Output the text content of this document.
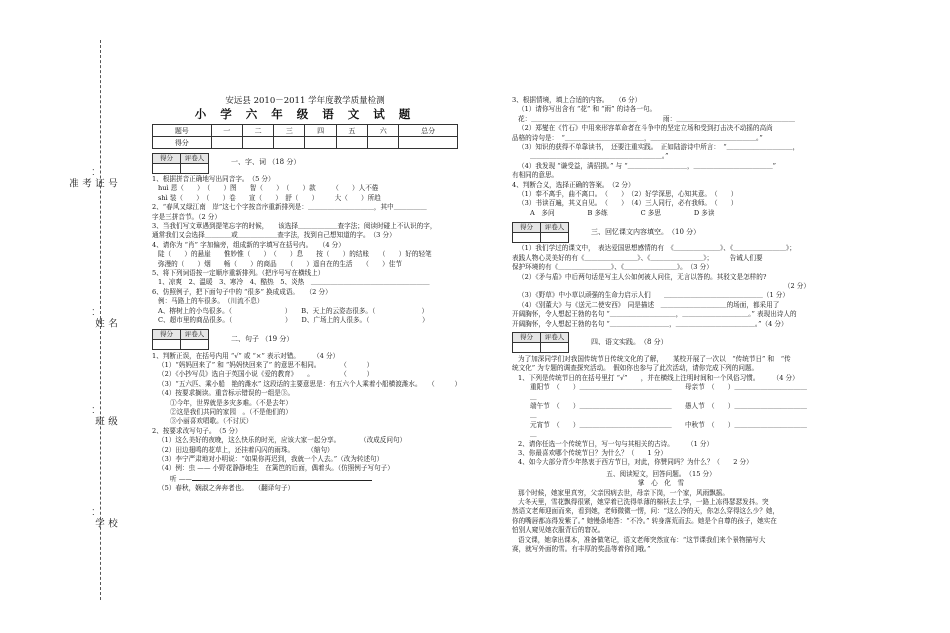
⁚
号
证
考
准
⁚
名
姓
⁚
级
班
⁚
校
学
安远县 2010－2011 学年度教学质量检测
小 学 六 年 级 语 文 试 题
题号	一	二	三	四	五	六	总分
得分							
得分	评卷人

一、字、词 （18 分）

1、根据拼音正确地写出同音字。　（5 分）

huì 恩（　　）　（　　）图　　智（　　）　（　　）款　　　（　　）人不倦

shì 装（　　）　（　　）卷　　宣（　　）　舒（　　）　　　大（　　）所趋

2、“春风又绿江南　岸”这七个字按音序重新排列是：＿＿＿＿＿＿＿＿＿＿，其中＿＿＿＿＿

字是三拼音节。（2 分）

3、当我们写文章遇到提笔忘字的时候，　　该选择＿＿＿＿＿＿查字法；阅读时碰上不认识的字，

通常我们又会选择＿＿＿＿或＿＿＿＿＿＿查字法，找到自己想知道的字。　（3 分）

4、请你为 “肖” 字加偏旁，组成新的字填写在括号内。　　（4 分）

陡（　　）的悬崖　　惟妙惟（　　）　（　　）息　　按（　　）的结账　　（　　）好的轻笔

弥漫的（　　）烟　　畅（　　）的商品　　（　　）遥自在的生活　　（　　）佳节

5、将下列词语按一定顺序重新排列。（把序号写在横线上）

1、凉爽　2、温暖　3、寒冷　4、酷热　5、炎热　＿＿＿＿＿＿＿＿＿＿＿＿＿＿＿＿＿＿

6、仿照例子，把下面句子中的 “很多” 换成成语。　　（2 分）

例：马路上的车很多。　（川流不息）

A、榕树上的小鸟很多。（　　　　　　　　）　　B、天上的云姿态很多。（　　　　　　　）

C、超市里的商品很多。（　　　　　　　　）　　D、广场上的人很多。（　　　　　　　　）

得分	评卷人

二、句子 （19 分）

1、判断正误，在括号内用 “√” 或 “×” 表示对错。　　　（4 分）

（1）“妈妈回来了” 和 “妈妈快回来了” 的意思不相同。　　　　（　　　）

（2）《小抄写员》选自于英国小说《爱的教育》　　。　　　　　（　　　）

（3）“五六匹、乘小船　艳的潍水” 这段话的主要意思是：有五六个人乘着小船横渡潍水。　　（　　　）

（4）按要求搁读。重音标示错误的一组是③。

①今年，世界就是多灾多难。（不是去年）

②这是我们共同的家园　。（不是他们的）

③小丽喜欢唱歌。（不讨厌）

2、按要求改写句子。　（5 分）

（1）这么美好的夜晚，这么快乐的时光，应该大家一起分享。　　　　（改成反问句）

（2）田边翅鸣的花草上，还挂着闪闪的雨珠。　　　（缩句）

（3）李宁严肃地对小明说：“如果你再迟到，我就一个人去。”（改为转述句）

（4）例：虫 —— 小野花静静地生　在篱笆的后面，偶着头。（仿照例子写句子）

听 ——

（5）春秋，娴淑之奔奔者也。　　（翻译句子）

3、根据情境，填上合适的内容。　　（6 分）

（1）请你写出含有 “花” 和 “雨” 的诗各一句。

花：＿＿＿＿＿＿＿＿＿＿＿＿＿＿＿＿　　　　雨：＿＿＿＿＿＿＿＿＿＿＿＿＿＿＿＿＿＿

（2）郑燮在《竹石》中用来形容革命者在斗争中的坚定立场和受到打击决不动摇的高尚

品格的诗句是：　“＿＿＿＿＿＿＿＿＿＿＿＿，＿＿＿＿＿＿＿＿＿＿＿＿＿＿＿＿。”

（3）知识的获得不单靠读书，　还要注重实践。　正如陆游诗中所言：　“＿＿＿＿＿＿＿＿＿＿，

＿＿＿＿＿＿＿＿＿＿＿＿＿＿＿＿＿＿＿＿。”

（4）我发现 “谦受益，满招损。” 与 “＿＿＿＿＿＿＿＿＿，＿＿＿＿＿＿＿＿＿＿＿＿”

有相同的意思。

4、判断合义，选择正确的答案。　（2 分）

（1）奉不离手，曲不离口。　（　　）　（2）好学深思，心知其意。　（　　）

（3）书读百遍，其义自见。　（　　）　（4）三人同行，必有我师。　（　　）

A　多问　　　　　B 多练　　　　　C 多思　　　　　D 多读

得分	评卷人

三、回忆课文内容填空。　（10 分）

（1）我们学过的课文中，　表达爱国思想感情的有　《＿＿＿＿＿＿＿》、《＿＿＿＿＿＿＿＿》；

表践人物心灵美好的有《＿＿＿＿＿＿＿＿》、《＿＿＿＿＿＿＿＿》；　　　告诫人们要

保护环境的有《＿＿＿＿＿＿＿＿》、《＿＿＿＿＿＿＿＿》。　（3 分）

（2）《矛与盾》中后两句话是写主人公如何被人问住，无言以答的。其驳文是怎样的?

（2 分）

（3）《野草》中小草以顽强的生命力启示人们　　＿＿＿＿＿＿＿＿＿＿＿＿＿＿＿（1 分）

（4）《别董大》与《送元二使安西》　同是描述　＿＿＿＿＿＿＿＿＿＿的场面，都采用了

开阔胸怀，令人想起王勃的名句 “＿＿＿＿＿＿＿＿＿＿，＿＿＿＿＿＿＿＿＿＿。” 表现出诗人的

开阔胸怀，令人想起王勃的名句 “＿＿＿＿＿＿＿＿＿，＿＿＿＿＿＿＿＿＿＿＿＿。”（4 分）

得分	评卷人

四、语文实践。　（8 分）

为了加深同学们对我国传统节日传统文化的了解，　　某校开展了一次以　“传统节日” 和　“传

统文化” 为专题的调查探究活动。　假如你也参与了此次活动，请你完成下列的问题。

1、下列是传统节日的在括号里打 “√”　　，并在横线上注明时间和一个风俗习惯。　　　（4 分）

重阳节　（　　）＿＿＿＿＿＿＿＿＿＿＿＿＿＿　　母亲节　（　　）＿＿＿＿＿＿＿＿＿＿＿＿

端午节　（　　）＿＿＿＿＿＿＿＿＿＿＿＿＿＿　　愚人节　（　　）＿＿＿＿＿＿＿＿＿＿＿＿

元宵节　（　　）＿＿＿＿＿＿＿＿＿＿＿＿＿＿　　中秋节　（　　）＿＿＿＿＿＿＿＿＿＿＿＿

2、请你任选一个传统节日，写一句与其相关的古诗。　　　（1 分）

3、你最喜欢哪个传统节日？为什么？（　　1 分）

4、如今大部分青少年热衷于西方节日，对此，你赞同吗？为什么？（　　2 分）

五、阅读短文，回答问题。　（15 分）

掌　心　化　雪

那个时候，她家里真穷，父亲因病去世，母亲下岗，一个家，风雨飘摇。

大冬天里，雪花飘得很紧，她穿着已洗得单薄的棉袄去上学，一路上冻得瑟瑟发抖。突

然语文老师迎面而来，看到她，老师微微一愣，问：“这么冷的天，你怎么穿得这么少？她，

你的嘴唇都冻得发紫了。” 她慢条地答：“不冷。” 转身落荒而去。她是个自尊的孩子，她实在

怕别人窥见她衣服背后的窘况。

语文课，她拿出课本，准备做笔记，语文老师突然宣布：“这节课我们来个景物描写大

赛，就写外面的雪。有丰厚的奖品等着你们哦。”
